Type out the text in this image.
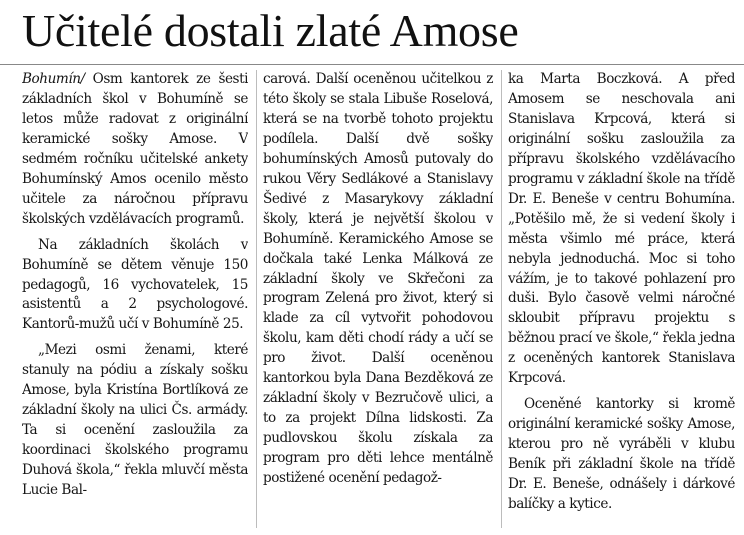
Učitelé dostali zlaté Amose

Bohumín/ Osm kantorek ze šesti základních škol v Bohumíně se letos může radovat z originální keramické sošky Amose. V sedmém ročníku učitelské ankety Bohumínský Amos ocenilo město učitele za náročnou přípravu školských vzdělávacích programů.

Na základních školách v Bohumíně se dětem věnuje 150 pedagogů, 16 vychovatelek, 15 asistentů a 2 psychologové. Kantorů-mužů učí v Bohumíně 25.

„Mezi osmi ženami, které stanuly na pódiu a získaly sošku Amose, byla Kristína Bortlíková ze základní školy na ulici Čs. armády. Ta si ocenění zasloužila za koordinaci školského programu Duhová škola,“ řekla mluvčí města Lucie Bal-

carová. Další oceněnou učitelkou z této školy se stala Libuše Roselová, která se na tvorbě tohoto projektu podílela. Další dvě sošky bohumínských Amosů putovaly do rukou Věry Sedlákové a Stanislavy Šedivé z Masarykovy základní školy, která je největší školou v Bohumíně. Keramického Amose se dočkala také Lenka Málková ze základní školy ve Skřečoni za program Zelená pro život, který si klade za cíl vytvořit pohodovou školu, kam děti chodí rády a učí se pro život. Další oceněnou kantorkou byla Dana Bezděková ze základní školy v Bezručově ulici, a to za projekt Dílna lidskosti. Za pudlovskou školu získala za program pro děti lehce mentálně postižené ocenění pedagož-

ka Marta Boczková. A před Amosem se neschovala ani Stanislava Krpcová, která si originální sošku zasloužila za přípravu školského vzdělávacího programu v základní škole na třídě Dr. E. Beneše v centru Bohumína. „Potěšilo mě, že si vedení školy i města všimlo mé práce, která nebyla jednoduchá. Moc si toho vážím, je to takové pohlazení pro duši. Bylo časově velmi náročné skloubit přípravu projektu s běžnou prací ve škole,“ řekla jedna z oceněných kantorek Stanislava Krpcová.

Oceněné kantorky si kromě originální keramické sošky Amose, kterou pro ně vyráběli v klubu Beník při základní škole na třídě Dr. E. Beneše, odnášely i dárkové balíčky a kytice.
